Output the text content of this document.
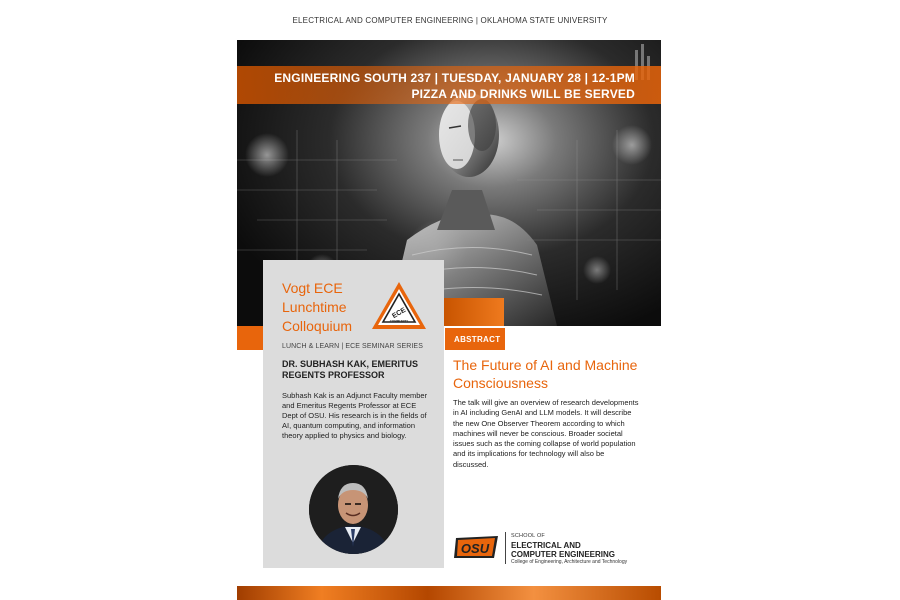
ELECTRICAL AND COMPUTER ENGINEERING | OKLAHOMA STATE UNIVERSITY
ENGINEERING SOUTH 237 | TUESDAY, JANUARY 28 | 12-1PM
PIZZA AND DRINKS WILL BE SERVED
Vogt ECE Lunchtime Colloquium
ECE
COMMUNITY
LUNCH & LEARN | ECE SEMINAR SERIES
DR. SUBHASH KAK, EMERITUS REGENTS PROFESSOR
Subhash Kak is an Adjunct Faculty member and Emeritus Regents Professor at ECE Dept of OSU. His research is in the fields of AI, quantum computing, and information theory applied to physics and biology.
ABSTRACT
The Future of AI and Machine Consciousness
The talk will give an overview of research developments in AI including GenAI and LLM models. It will describe the new One Observer Theorem according to which machines will never be conscious. Broader societal issues such as the coming collapse of world population and its implications for technology will also be discussed.
OSU
SCHOOL OF
ELECTRICAL AND COMPUTER ENGINEERING
College of Engineering, Architecture and Technology
